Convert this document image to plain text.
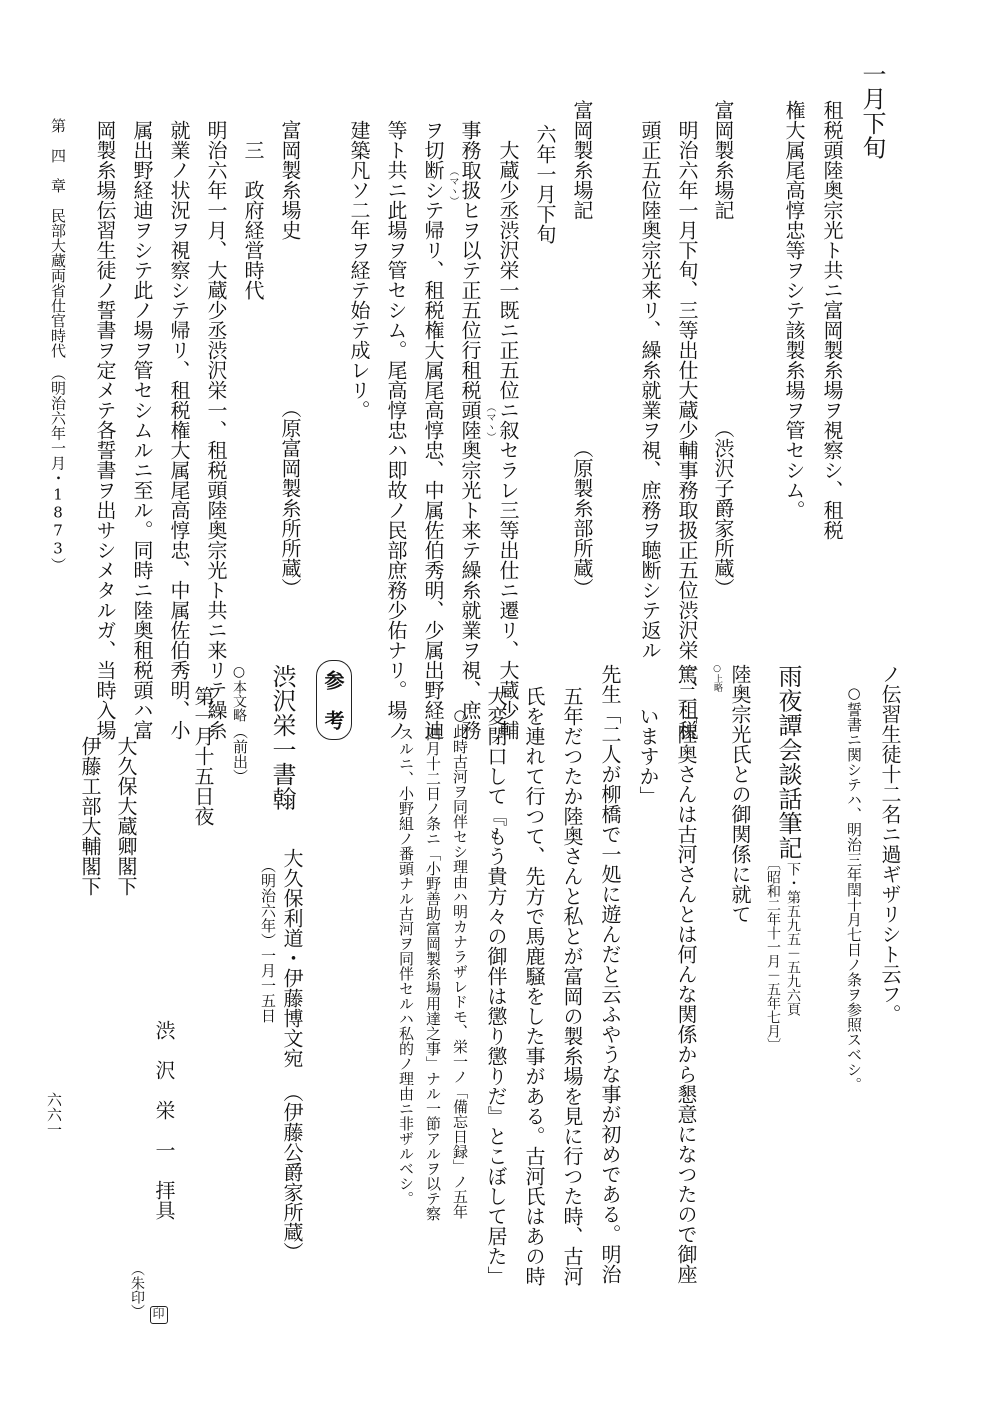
一月下旬
租税頭陸奥宗光ト共ニ富岡製糸場ヲ視察シ、租税
権大属尾高惇忠等ヲシテ該製糸場ヲ管セシム。
富岡製糸場記
（渋沢子爵家所蔵）
明治六年一月下旬、三等出仕大蔵少輔事務取扱正五位渋沢栄一、租税
頭正五位陸奥宗光来リ、繰糸就業ヲ視、庶務ヲ聴断シテ返ル
富岡製糸場記
（原製糸部所蔵）
六年一月下旬
大蔵少丞渋沢栄一既ニ正五位ニ叙セラレ三等出仕ニ遷リ、大蔵少輔
（マヽ）
事務取扱ヒヲ以テ正五位行租税頭陸奥宗光ト来テ繰糸就業ヲ視、庶務
（マヽ）
ヲ切断シテ帰リ、租税権大属尾高惇忠、中属佐伯秀明、少属出野経迪
等ト共ニ此場ヲ管セシム。尾高惇忠ハ即故ノ民部庶務少佑ナリ。場ノ
建築凡ソ二年ヲ経テ始テ成レリ。
富岡製糸場史
（原富岡製糸所所蔵）
三　政府経営時代
明治六年一月、大蔵少丞渋沢栄一、租税頭陸奥宗光ト共ニ来リテ繰糸
就業ノ状況ヲ視察シテ帰リ、租税権大属尾高惇忠、中属佐伯秀明、小
属出野経迪ヲシテ此ノ場ヲ管セシムルニ至ル。同時ニ陸奥租税頭ハ富
岡製糸場伝習生徒ノ誓書ヲ定メテ各誓書ヲ出サシメタルガ、当時入場
第　四　章　民部大蔵両省仕官時代　（明治六年一月・1873）
ノ伝習生徒十二名ニ過ギザリシト云フ。
○誓書ニ関シテハ、明治三年閏十月七日ノ条ヲ参照スベシ。
雨夜譚会談話筆記
下・第五九五－五九六頁
〔昭和二年十一月－五年七月〕
陸奥宗光氏との御関係に就て
○上略
篤二「陸奥さんは古河さんとは何んな関係から懇意になつたので御座
いますか」
先生「二人が柳橋で一処に遊んだと云ふやうな事が初めである。明治
五年だつたか陸奥さんと私とが富岡の製糸場を見に行つた時、古河
氏を連れて行つて、先方で馬鹿騒をした事がある。古河氏はあの時
大変閉口して『もう貴方々の御伴は懲り懲りだ』とこぼして居た」
○此時古河ヲ同伴セシ理由ハ明カナラザレドモ、栄一ノ「備忘日録」ノ五年
四月十二日ノ条ニ「小野善助富岡製糸場用達之事」ナル一節アルヲ以テ察
スルニ、小野組ノ番頭ナル古河ヲ同伴セルハ私的ノ理由ニ非ザルベシ。
参　考
渋沢栄一書翰
大久保利道・伊藤博文宛
（伊藤公爵家所蔵）
（明治六年）一月一五日
○本文略
（前出）
第一月十五日夜
渋　沢　栄　一　拝具
（朱印） 印
大久保大蔵卿閣下
伊藤工部大輔閣下
六六一
